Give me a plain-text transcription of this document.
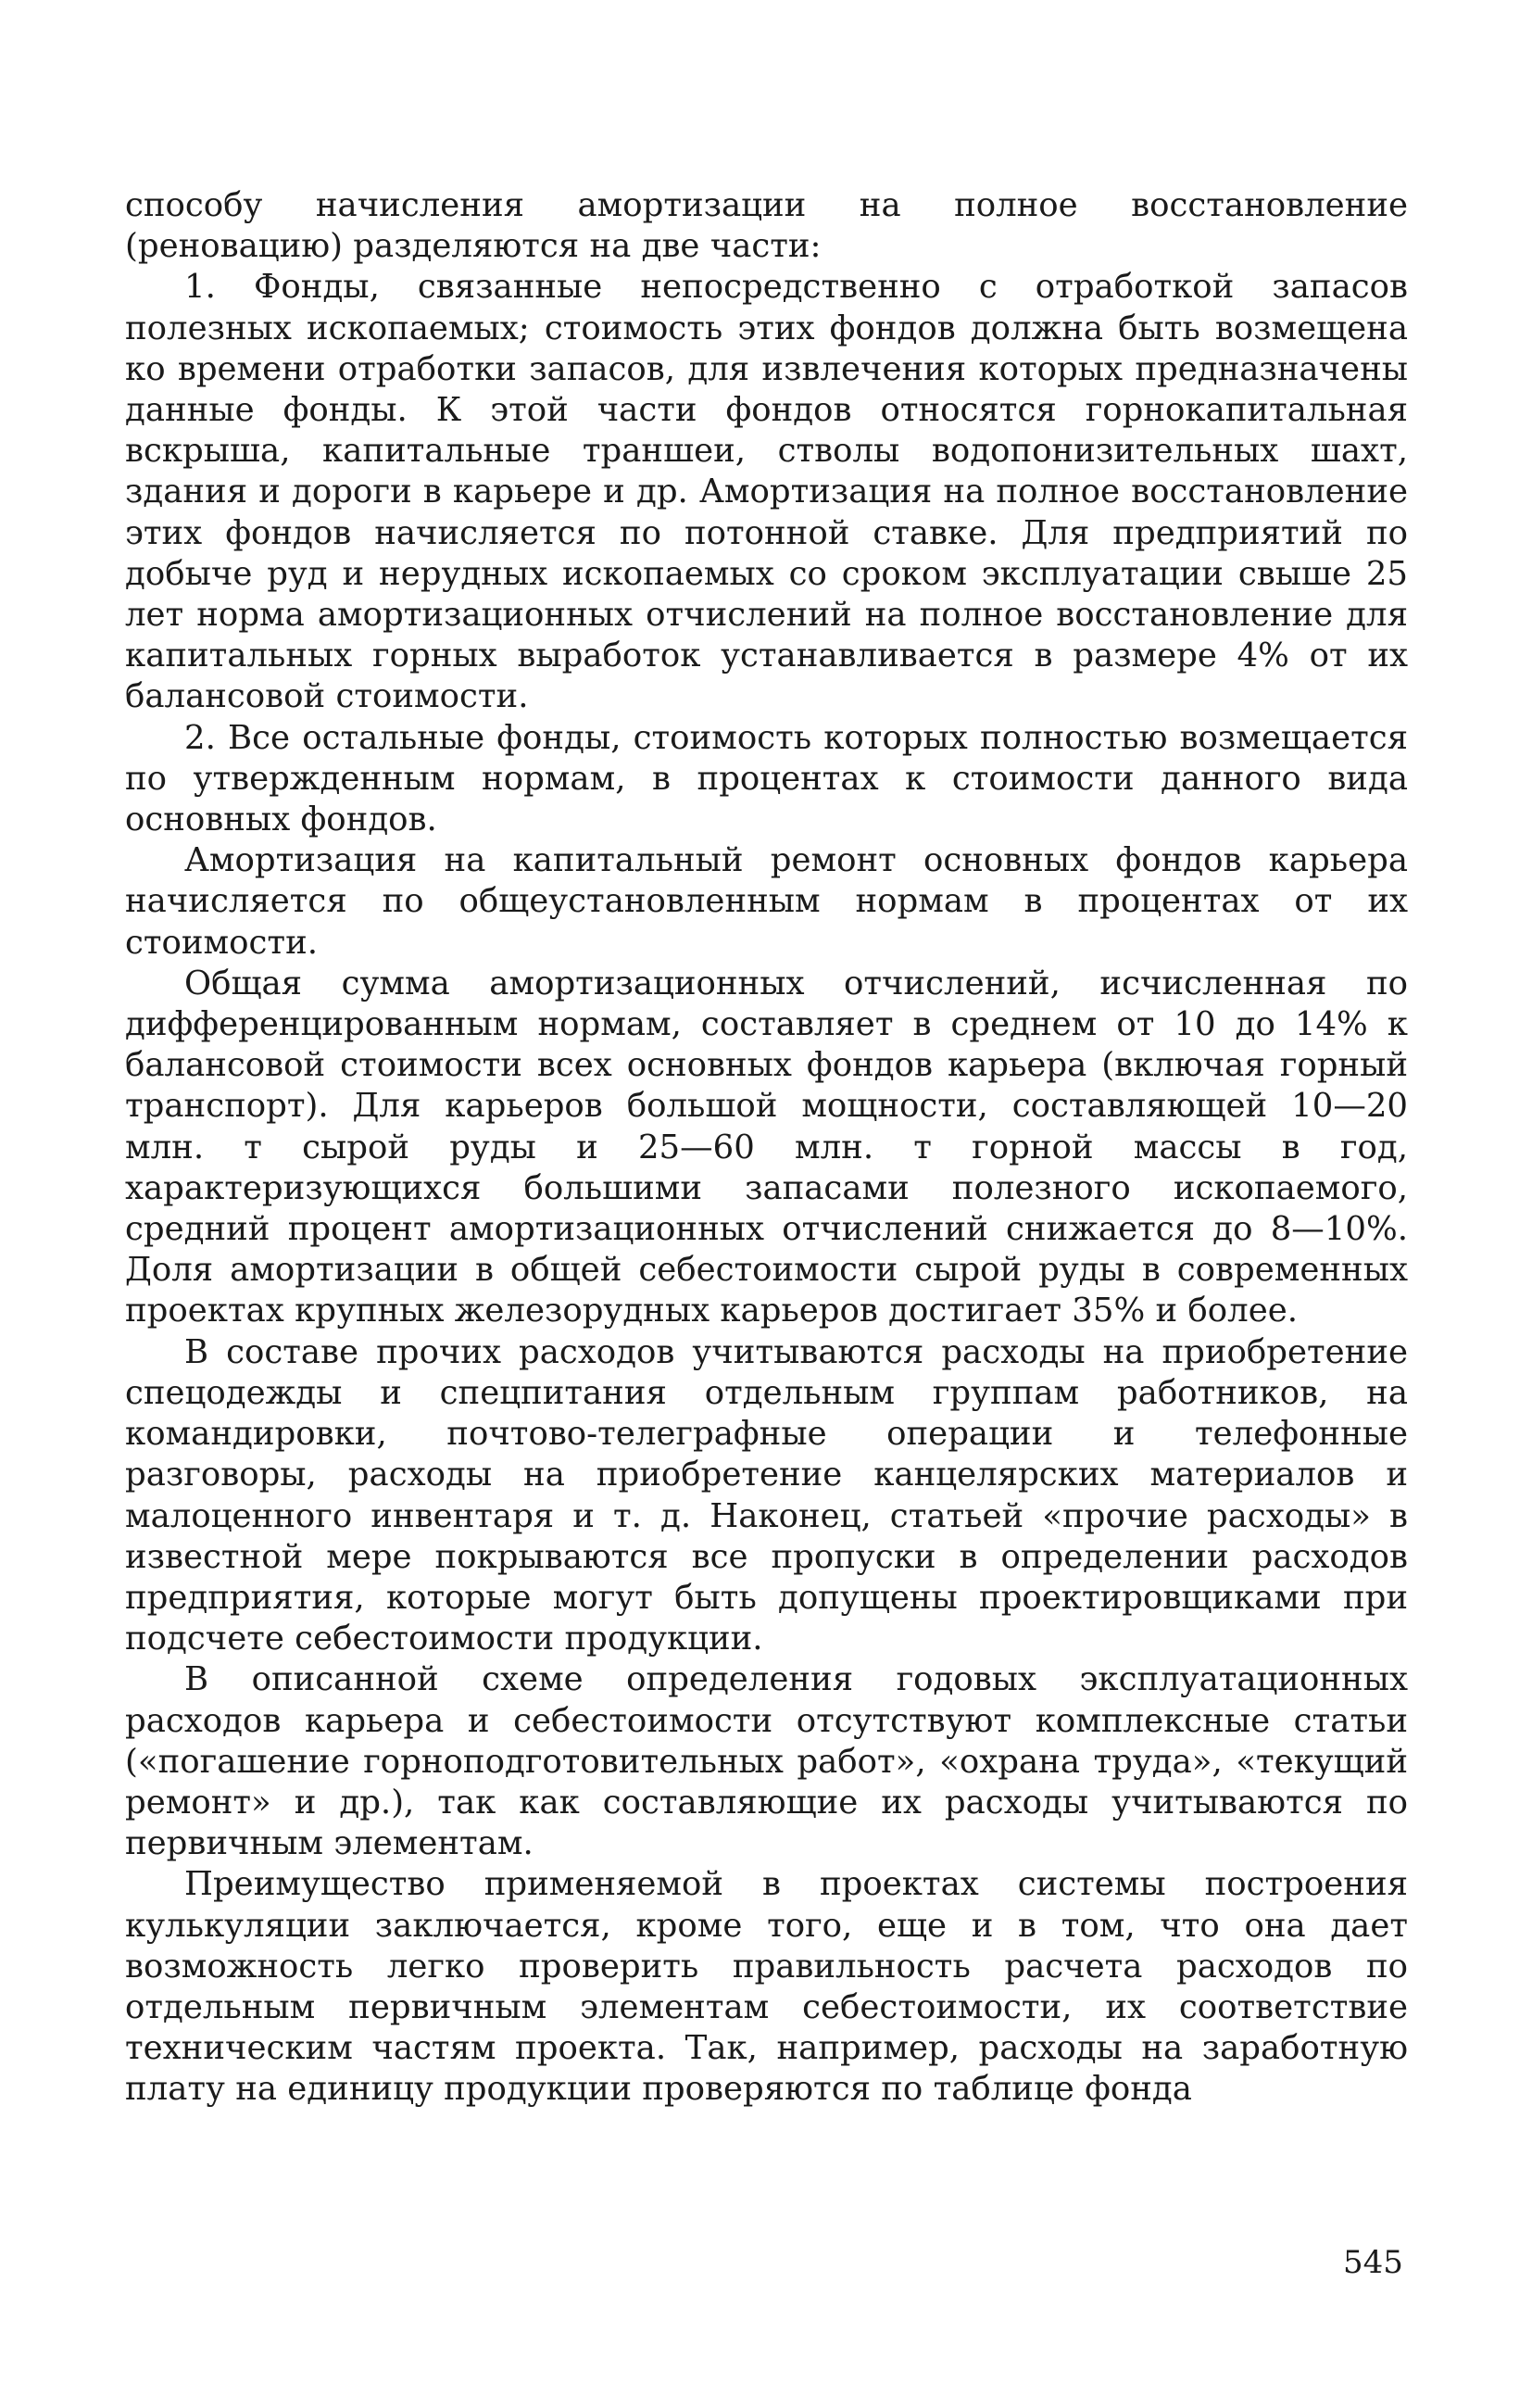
способу начисления амортизации на полное восстановление (реновацию) разделяются на две части:

1. Фонды, связанные непосредственно с отработкой запасов полезных ископаемых; стоимость этих фондов должна быть возмещена ко времени отработки запасов, для извлечения которых предназначены данные фонды. К этой части фондов относятся горнокапитальная вскрыша, капитальные траншеи, стволы водопонизительных шахт, здания и дороги в карьере и др. Амортизация на полное восстановление этих фондов начисляется по потонной ставке. Для предприятий по добыче руд и нерудных ископаемых со сроком эксплуатации свыше 25 лет норма амортизационных отчислений на полное восстановление для капитальных горных выработок устанавливается в размере 4% от их балансовой стоимости.

2. Все остальные фонды, стоимость которых полностью возмещается по утвержденным нормам, в процентах к стоимости данного вида основных фондов.

Амортизация на капитальный ремонт основных фондов карьера начисляется по общеустановленным нормам в процентах от их стоимости.

Общая сумма амортизационных отчислений, исчисленная по дифференцированным нормам, составляет в среднем от 10 до 14% к балансовой стоимости всех основных фондов карьера (включая горный транспорт). Для карьеров большой мощности, составляющей 10—20 млн. т сырой руды и 25—60 млн. т горной массы в год, характеризующихся большими запасами полезного ископаемого, средний процент амортизационных отчислений снижается до 8—10%. Доля амортизации в общей себестоимости сырой руды в современных проектах крупных железорудных карьеров достигает 35% и более.

В составе прочих расходов учитываются расходы на приобретение спецодежды и спецпитания отдельным группам работников, на командировки, почтово-телеграфные операции и телефонные разговоры, расходы на приобретение канцелярских материалов и малоценного инвентаря и т. д. Наконец, статьей «прочие расходы» в известной мере покрываются все пропуски в определении расходов предприятия, которые могут быть допущены проектировщиками при подсчете себестоимости продукции.

В описанной схеме определения годовых эксплуатационных расходов карьера и себестоимости отсутствуют комплексные статьи («погашение горноподготовительных работ», «охрана труда», «текущий ремонт» и др.), так как составляющие их расходы учитываются по первичным элементам.

Преимущество применяемой в проектах системы построения кулькуляции заключается, кроме того, еще и в том, что она дает возможность легко проверить правильность расчета расходов по отдельным первичным элементам себестоимости, их соответствие техническим частям проекта. Так, например, расходы на заработную плату на единицу продукции проверяются по таблице фонда

545
